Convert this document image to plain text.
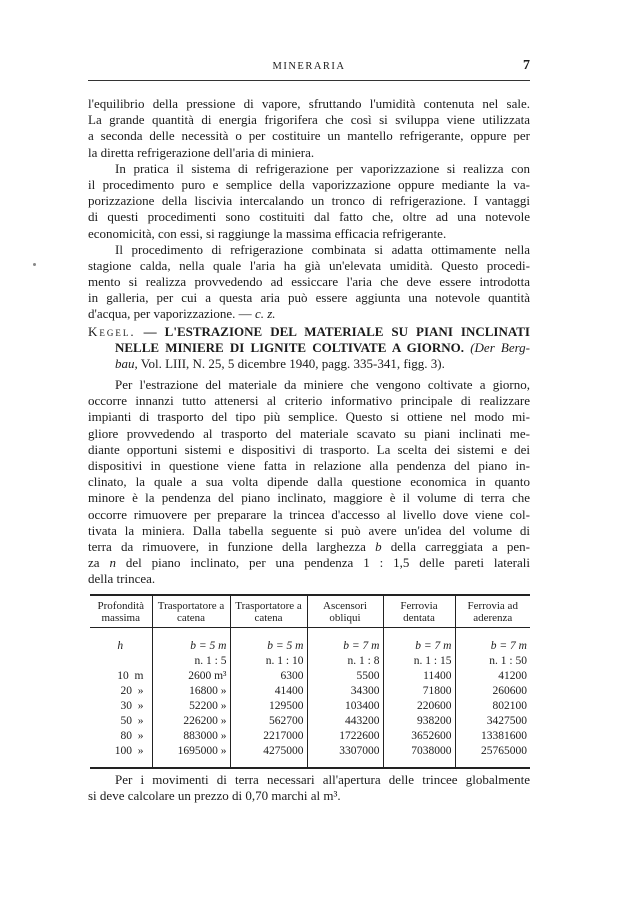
MINERARIA	7
l'equilibrio della pressione di vapore, sfruttando l'umidità contenuta nel sale.
La grande quantità di energia frigorifera che così si sviluppa viene utilizzata
a seconda delle necessità o per costituire un mantello refrigerante, oppure per
la diretta refrigerazione dell'aria di miniera.
In pratica il sistema di refrigerazione per vaporizzazione si realizza con
il procedimento puro e semplice della vaporizzazione oppure mediante la va-
porizzazione della liscivia intercalando un tronco di refrigerazione. I vantaggi
di questi procedimenti sono costituiti dal fatto che, oltre ad una notevole
economicità, con essi, si raggiunge la massima efficacia refrigerante.
Il procedimento di refrigerazione combinata si adatta ottimamente nella
stagione calda, nella quale l'aria ha già un'elevata umidità. Questo procedi-
mento si realizza provvedendo ad essiccare l'aria che deve essere introdotta
in galleria, per cui a questa aria può essere aggiunta una notevole quantità
d'acqua, per vaporizzazione. — c. z.
Kegel. — L'ESTRAZIONE DEL MATERIALE SU PIANI INCLINATI
NELLE MINIERE DI LIGNITE COLTIVATE A GIORNO. (Der Berg-
bau, Vol. LIII, N. 25, 5 dicembre 1940, pagg. 335-341, figg. 3).
Per l'estrazione del materiale da miniere che vengono coltivate a giorno,
occorre innanzi tutto attenersi al criterio informativo principale di realizzare
impianti di trasporto del tipo più semplice. Questo si ottiene nel modo mi-
gliore provvedendo al trasporto del materiale scavato su piani inclinati me-
diante opportuni sistemi e dispositivi di trasporto. La scelta dei sistemi e dei
dispositivi in questione viene fatta in relazione alla pendenza del piano in-
clinato, la quale a sua volta dipende dalla questione economica in quanto
minore è la pendenza del piano inclinato, maggiore è il volume di terra che
occorre rimuovere per preparare la trincea d'accesso al livello dove viene col-
tivata la miniera. Dalla tabella seguente si può avere un'idea del volume di
terra da rimuovere, in funzione della larghezza b della carreggiata a pen-
za n del piano inclinato, per una pendenza 1 : 1,5 delle pareti laterali
della trincea.
Profondità massima	Trasportatore a catena	Trasportatore a catena	Ascensori obliqui	Ferrovia dentata	Ferrovia ad aderenza

h	b = 5 m	b = 5 m	b = 7 m	b = 7 m	b = 7 m
	n. 1 : 5	n. 1 : 10	n. 1 : 8	n. 1 : 15	n. 1 : 50
10 m	2600 m³	6300	5500	11400	41200
20 »	16800 »	41400	34300	71800	260600
30 »	52200 »	129500	103400	220600	802100
50 »	226200 »	562700	443200	938200	3427500
80 »	883000 »	2217000	1722600	3652600	13381600
100 »	1695000 »	4275000	3307000	7038000	25765000

Per i movimenti di terra necessari all'apertura delle trincee globalmente
si deve calcolare un prezzo di 0,70 marchi al m³.
